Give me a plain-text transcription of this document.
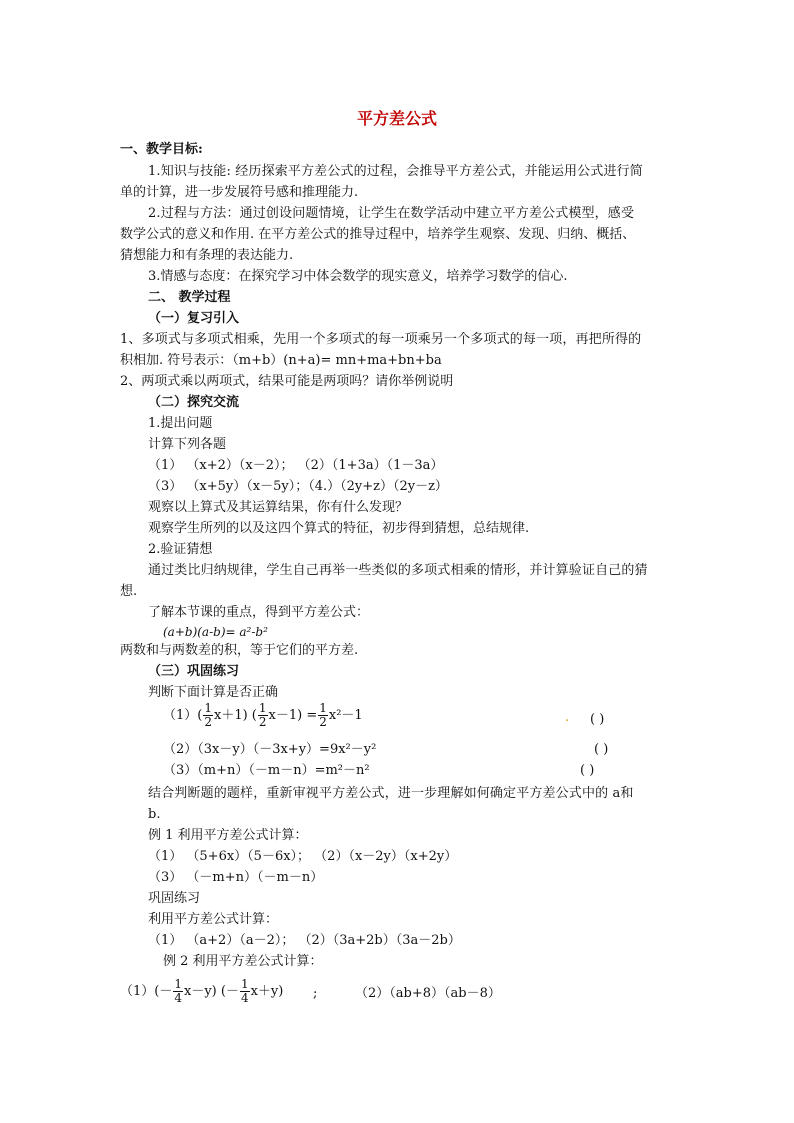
平方差公式
一、教学目标:
1.知识与技能: 经历探索平方差公式的过程，会推导平方差公式，并能运用公式进行简
单的计算，进一步发展符号感和推理能力.
2.过程与方法：通过创设问题情境，让学生在数学活动中建立平方差公式模型，感受
数学公式的意义和作用. 在平方差公式的推导过程中，培养学生观察、发现、归纳、概括、
猜想能力和有条理的表达能力.
3.情感与态度：在探究学习中体会数学的现实意义，培养学习数学的信心.
二、 教学过程
（一）复习引入
1、多项式与多项式相乘，先用一个多项式的每一项乘另一个多项式的每一项，再把所得的
积相加. 符号表示：（m+b）(n+a)= mn+ma+bn+ba
2、两项式乘以两项式，结果可能是两项吗？请你举例说明
（二）探究交流
1.提出问题
计算下列各题
（1） （x+2）（x－2）； （2）（1+3a）（1－3a）
（3） （x+5y）（x－5y）；（4.）（2y+z）（2y－z）
观察以上算式及其运算结果，你有什么发现？
观察学生所列的以及这四个算式的特征，初步得到猜想，总结规律.
2.验证猜想
通过类比归纳规律，学生自己再举一些类似的多项式相乘的情形，并计算验证自己的猜
想.
了解本节课的重点，得到平方差公式：
(a+b)(a-b)= a²-b²
两数和与两数差的积，等于它们的平方差.
（三）巩固练习
判断下面计算是否正确
$(1)( \frac{1}{2} x+1)$ ( $\frac{1}{2} x-1) = \frac{1}{2} x^2-1$	. ( )
（2）（3x－y）（－3x+y）=9x²－y²	( )
（3）（m+n）（－m－n）=m²－n²	( )
结合判断题的题样，重新审视平方差公式，进一步理解如何确定平方差公式中的 a和
b.
例 1 利用平方差公式计算：
（1） （5+6x）（5－6x）； （2）（x－2y）（x+2y）
（3） （－m+n）（－m－n）
巩固练习
利用平方差公式计算：
（1） （a+2）（a－2）； （2）（3a+2b）（3a－2b）
例 2 利用平方差公式计算：
$(1)(- \frac{1}{4} x-y)$ (－ $\frac{1}{4} x+y$) ;	（2）（ab+8）（ab－8）
